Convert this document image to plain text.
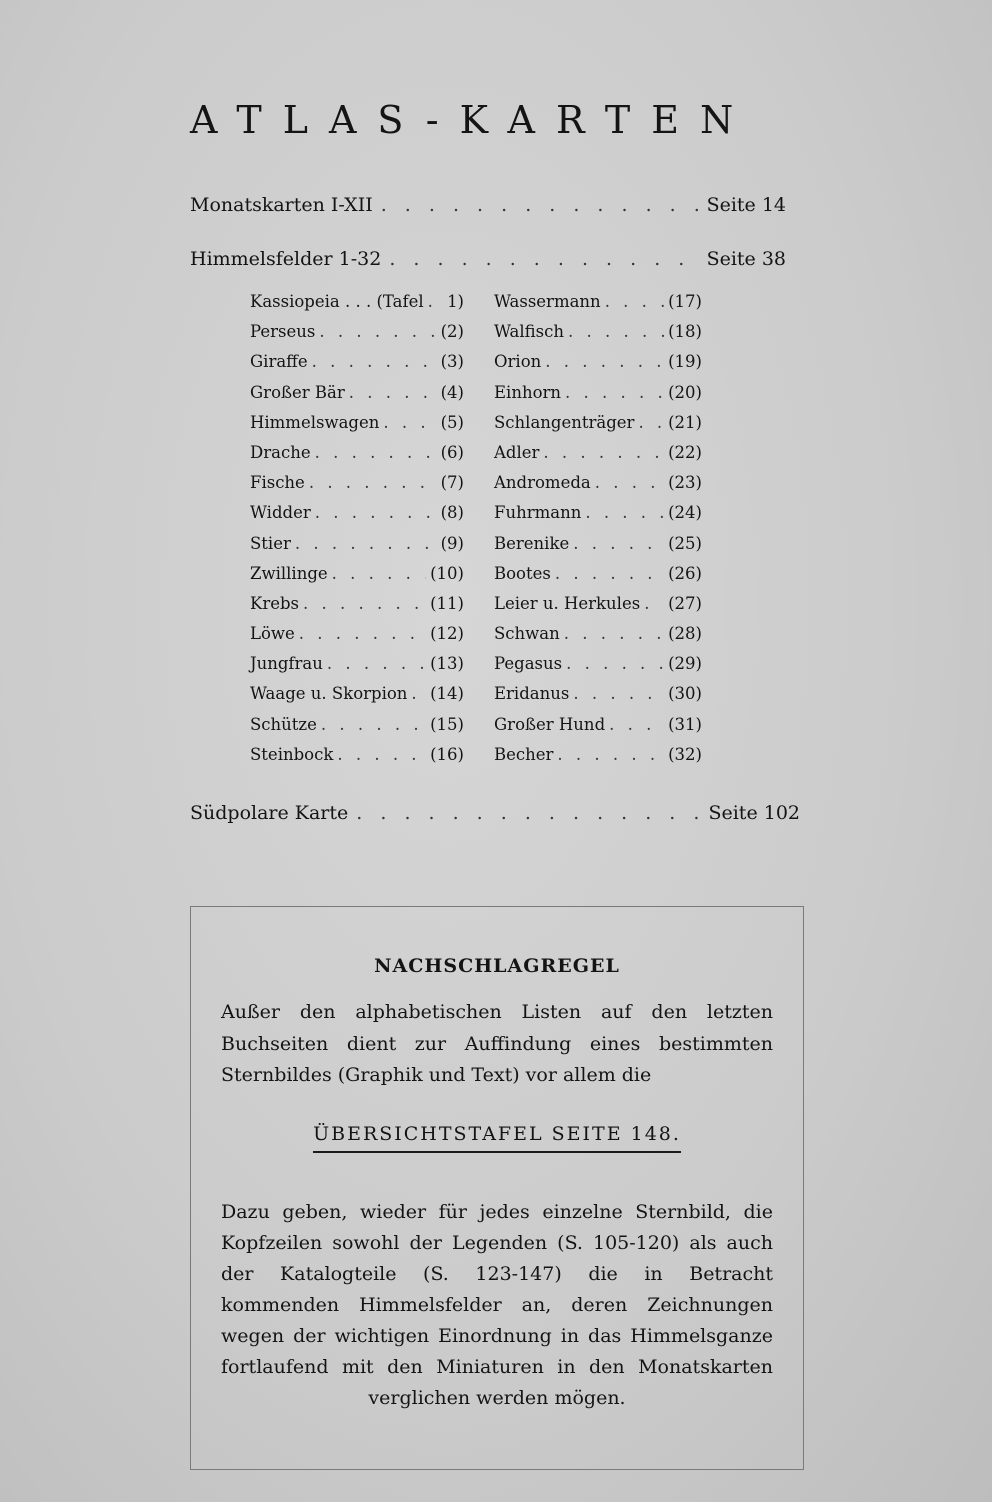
ATLAS-KARTEN
Monatskarten I-XII . . .	Seite 14
Himmelsfelder 1-32 . . .	Seite 38
Kassiopeia . . . (Tafel . . . 1)
Perseus . . .	(2)
Giraffe . . .	(3)
Großer Bär . . .	(4)
Himmelswagen . . .	(5)
Drache . . .	(6)
Fische . . .	(7)
Widder . . .	(8)
Stier . . .	(9)
Zwillinge . . .	(10)
Krebs . . .	(11)
Löwe . . .	(12)
Jungfrau . . .	(13)
Waage u. Skorpion . . . (14)
Schütze . . .	(15)
Steinbock . . .	(16)
Wassermann . . .	(17)
Walfisch . . .	(18)
Orion . . .	(19)
Einhorn . . .	(20)
Schlangenträger . . . (21)
Adler . . .	(22)
Andromeda . . .	(23)
Fuhrmann . . .	(24)
Berenike . . .	(25)
Bootes . . .	(26)
Leier u. Herkules . . . (27)
Schwan . . .	(28)
Pegasus . . .	(29)
Eridanus . . .	(30)
Großer Hund . . .	(31)
Becher . . .	(32)
Südpolare Karte . . .	Seite 102
NACHSCHLAGREGEL
Außer den alphabetischen Listen auf den letzten Buchseiten dient zur Auffindung eines bestimmten Sternbildes (Graphik und Text) vor allem die
ÜBERSICHTSTAFEL SEITE 148.
Dazu geben, wieder für jedes einzelne Sternbild, die Kopfzeilen sowohl der Legenden (S. 105-120) als auch der Katalogteile (S. 123-147) die in Betracht kommenden Himmelsfelder an, deren Zeichnungen wegen der wichtigen Einordnung in das Himmelsganze fortlaufend mit den Miniaturen in den Monatskarten verglichen werden mögen.
